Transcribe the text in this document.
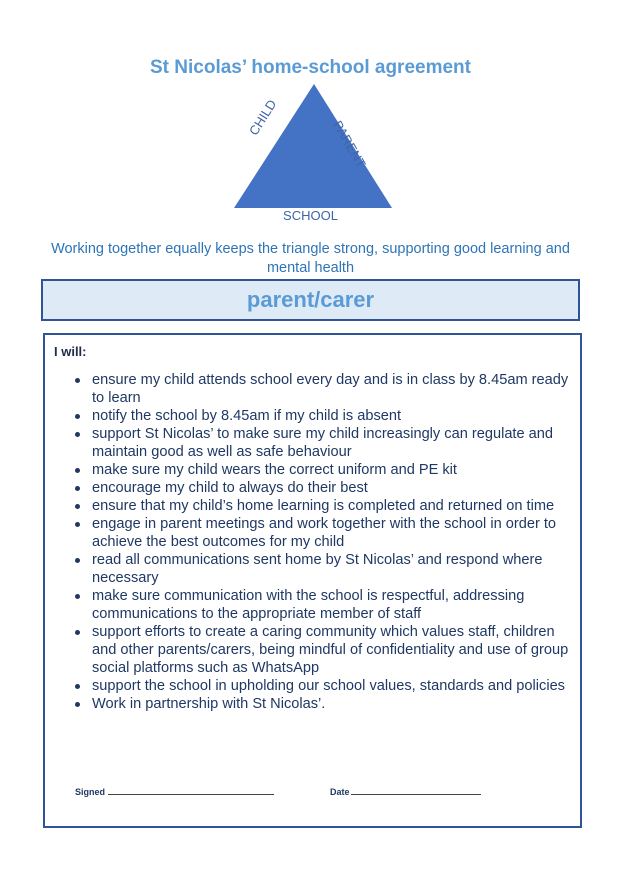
St Nicolas’ home-school agreement
CHILD
PARENT
SCHOOL
Working together equally keeps the triangle strong, supporting good learning and mental health
parent/carer
I will:
ensure my child attends school every day and is in class by 8.45am ready to learn
notify the school by 8.45am if my child is absent
support St Nicolas’ to make sure my child increasingly can regulate and maintain good as well as safe behaviour
make sure my child wears the correct uniform and PE kit
encourage my child to always do their best
ensure that my child’s home learning is completed and returned on time
engage in parent meetings and work together with the school in order to achieve the best outcomes for my child
read all communications sent home by St Nicolas’ and respond where necessary
make sure communication with the school is respectful, addressing communications to the appropriate member of staff
support efforts to create a caring community which values staff, children and other parents/carers, being mindful of confidentiality and use of group social platforms such as WhatsApp
support the school in upholding our school values, standards and policies
Work in partnership with St Nicolas’.
Signed	Date
